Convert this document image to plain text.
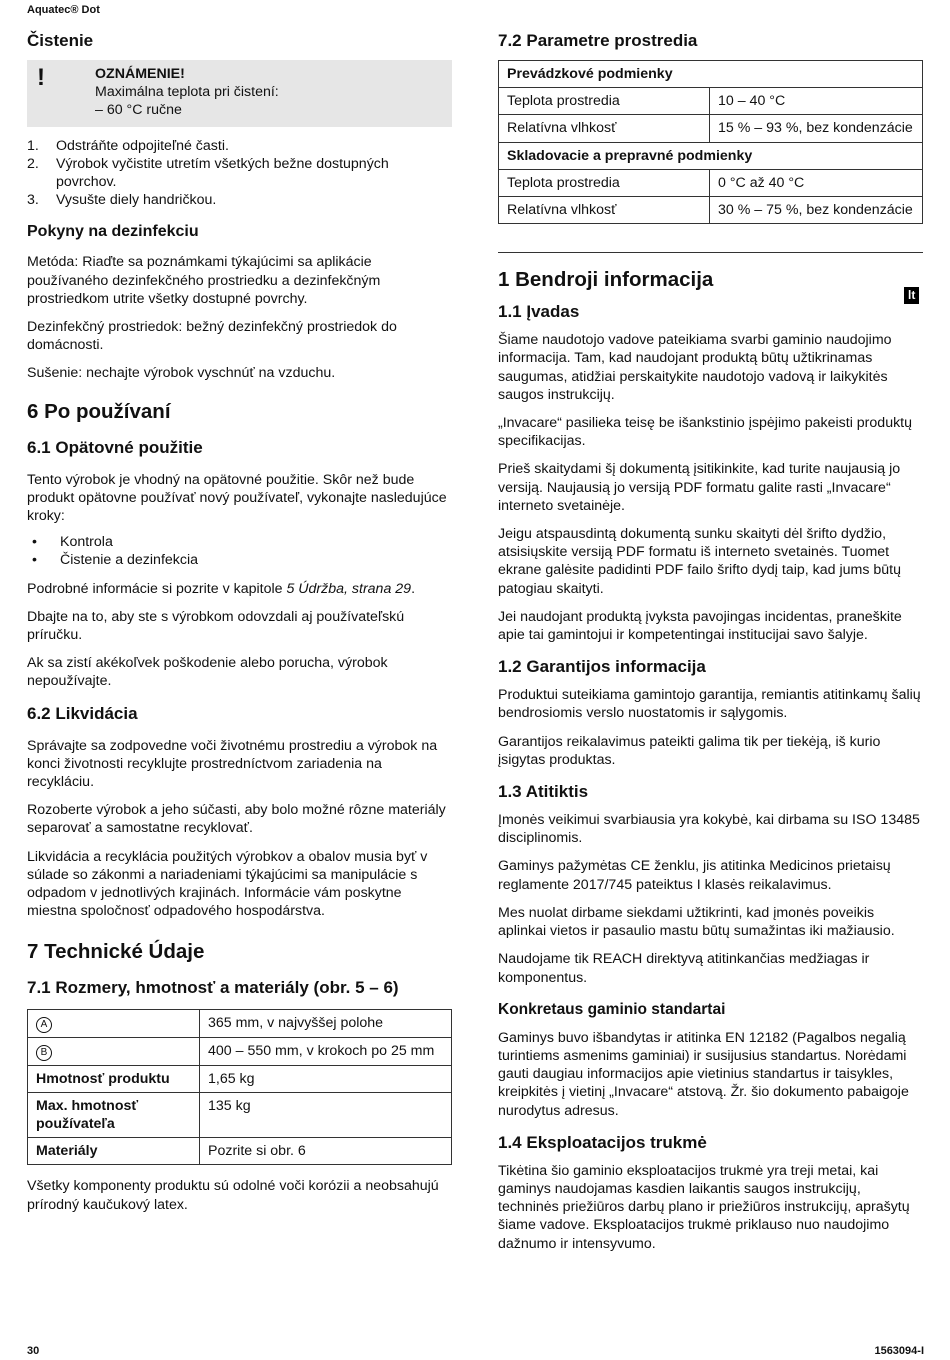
Aquatec® Dot
Čistenie
!	OZNÁMENIE!
Maximálna teplota pri čistení:
– 60 °C ručne
1.	Odstráňte odpojiteľné časti.
2.	Výrobok vyčistite utretím všetkých bežne dostupných povrchov.
3.	Vysušte diely handričkou.
Pokyny na dezinfekciu

Metóda: Riaďte sa poznámkami týkajúcimi sa aplikácie používaného dezinfekčného prostriedku a dezinfekčným prostriedkom utrite všetky dostupné povrchy.

Dezinfekčný prostriedok: bežný dezinfekčný prostriedok do domácnosti.

Sušenie: nechajte výrobok vyschnúť na vzduchu.

6 Po používaní
6.1 Opätovné použitie

Tento výrobok je vhodný na opätovné použitie. Skôr než bude produkt opätovne používať nový používateľ, vykonajte nasledujúce kroky:

•	Kontrola
•	Čistenie a dezinfekcia

Podrobné informácie si pozrite v kapitole 5 Údržba, strana 29.

Dbajte na to, aby ste s výrobkom odovzdali aj používateľskú príručku.

Ak sa zistí akékoľvek poškodenie alebo porucha, výrobok nepoužívajte.

6.2 Likvidácia

Správajte sa zodpovedne voči životnému prostrediu a výrobok na konci životnosti recyklujte prostredníctvom zariadenia na recykláciu.

Rozoberte výrobok a jeho súčasti, aby bolo možné rôzne materiály separovať a samostatne recyklovať.

Likvidácia a recyklácia použitých výrobkov a obalov musia byť v súlade so zákonmi a nariadeniami týkajúcimi sa manipulácie s odpadom v jednotlivých krajinách. Informácie vám poskytne miestna spoločnosť odpadového hospodárstva.

7 Technické Údaje
7.1 Rozmery, hmotnosť a materiály (obr. 5 – 6)
A	365 mm, v najvyššej polohe
B	400 – 550 mm, v krokoch po 25 mm
Hmotnosť produktu	1,65 kg
Max. hmotnosť používateľa	135 kg
Materiály	Pozrite si obr. 6

Všetky komponenty produktu sú odolné voči korózii a neobsahujú prírodný kaučukový latex.

7.2 Parametre prostredia
Prevádzkové podmienky	
Teplota prostredia	10 – 40 °C
Relatívna vlhkosť	15 % – 93 %, bez kondenzácie
Skladovacie a prepravné podmienky	
Teplota prostredia	0 °C až 40 °C
Relatívna vlhkosť	30 % – 75 %, bez kondenzácie
1 Bendroji informacija
1.1 Įvadas

Šiame naudotojo vadove pateikiama svarbi gaminio naudojimo informacija. Tam, kad naudojant produktą būtų užtikrinamas saugumas, atidžiai perskaitykite naudotojo vadovą ir laikykitės saugos instrukcijų.

„Invacare“ pasilieka teisę be išankstinio įspėjimo pakeisti produktų specifikacijas.

Prieš skaitydami šį dokumentą įsitikinkite, kad turite naujausią jo versiją. Naujausią jo versiją PDF formatu galite rasti „Invacare“ interneto svetainėje.

Jeigu atspausdintą dokumentą sunku skaityti dėl šrifto dydžio, atsisiųskite versiją PDF formatu iš interneto svetainės. Tuomet ekrane galėsite padidinti PDF failo šrifto dydį taip, kad jums būtų patogiau skaityti.

Jei naudojant produktą įvyksta pavojingas incidentas, praneškite apie tai gamintojui ir kompetentingai institucijai savo šalyje.

1.2 Garantijos informacija

Produktui suteikiama gamintojo garantija, remiantis atitinkamų šalių bendrosiomis verslo nuostatomis ir sąlygomis.

Garantijos reikalavimus pateikti galima tik per tiekėją, iš kurio įsigytas produktas.

1.3 Atitiktis

Įmonės veikimui svarbiausia yra kokybė, kai dirbama su ISO 13485 disciplinomis.

Gaminys pažymėtas CE ženklu, jis atitinka Medicinos prietaisų reglamente 2017/745 pateiktus I klasės reikalavimus.

Mes nuolat dirbame siekdami užtikrinti, kad įmonės poveikis aplinkai vietos ir pasaulio mastu būtų sumažintas iki mažiausio.

Naudojame tik REACH direktyvą atitinkančias medžiagas ir komponentus.

Konkretaus gaminio standartai

Gaminys buvo išbandytas ir atitinka EN 12182 (Pagalbos negalią turintiems asmenims gaminiai) ir susijusius standartus. Norėdami gauti daugiau informacijos apie vietinius standartus ir taisykles, kreipkitės į vietinį „Invacare“ atstovą. Žr. šio dokumento pabaigoje nurodytus adresus.

1.4 Eksploatacijos trukmė

Tikėtina šio gaminio eksploatacijos trukmė yra treji metai, kai gaminys naudojamas kasdien laikantis saugos instrukcijų, techninės priežiūros darbų plano ir priežiūros instrukcijų, aprašytų šiame vadove. Eksploatacijos trukmė priklauso nuo naudojimo dažnumo ir intensyvumo.

lt
30	1563094-I
